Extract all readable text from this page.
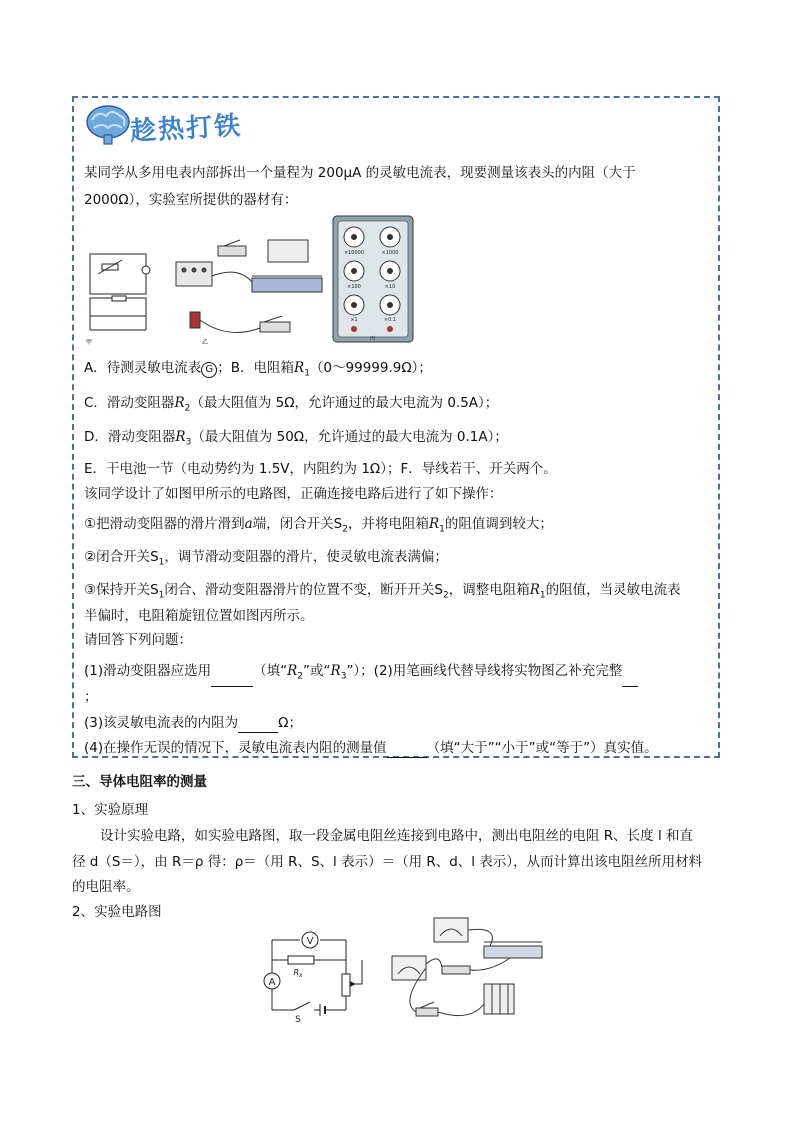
趁热打铁
某同学从多用电表内部拆出一个量程为 200μA 的灵敏电流表，现要测量该表头的内阻（大于
2000Ω），实验室所提供的器材有：
甲	乙
×10000	×1000
×100	×10
×1	×0.1
丙
A．待测灵敏电流表 G ；B．电阻箱$R_1(0\sim 99999.9\Omega)$；
C．滑动变阻器$R_2$（最大阻值为 5Ω，允许通过的最大电流为 0.5A）；
D．滑动变阻器$R_3$（最大阻值为 50Ω，允许通过的最大电流为 0.1A）；
E．干电池一节（电动势约为 1.5V，内阻约为 1Ω）；F．导线若干、开关两个。
该同学设计了如图甲所示的电路图，正确连接电路后进行了如下操作：
①把滑动变阻器的滑片滑到a端，闭合开关$S_2$，并将电阻箱$R_1$的阻值调到较大；
②闭合开关$S_1$，调节滑动变阻器的滑片，使灵敏电流表满偏；
③保持开关$S_1$闭合、滑动变阻器滑片的位置不变，断开开关$S_2$，调整电阻箱$R_1$的阻值，当灵敏电流表
半偏时，电阻箱旋钮位置如图丙所示。
请回答下列问题：
(1)滑动变阻器应选用	（填“$R_2$”或“$R_3$”）；(2)用笔画线代替导线将实物图乙补充完整
；
(3)该灵敏电流表的内阻为	Ω；
(4)在操作无误的情况下，灵敏电流表内阻的测量值	（填“大于”“小于”或“等于”）真实值。
三、导体电阻率的测量
1、实验原理
设计实验电路，如实验电路图，取一段金属电阻丝连接到电路中，测出电阻丝的电阻 R、长度 l 和直
径 d（S＝），由 R＝ρ 得：ρ＝（用 R、S、l 表示）＝（用 R、d、l 表示），从而计算出该电阻丝所用材料
的电阻率。
2、实验电路图
V
A
$R_x$
S
